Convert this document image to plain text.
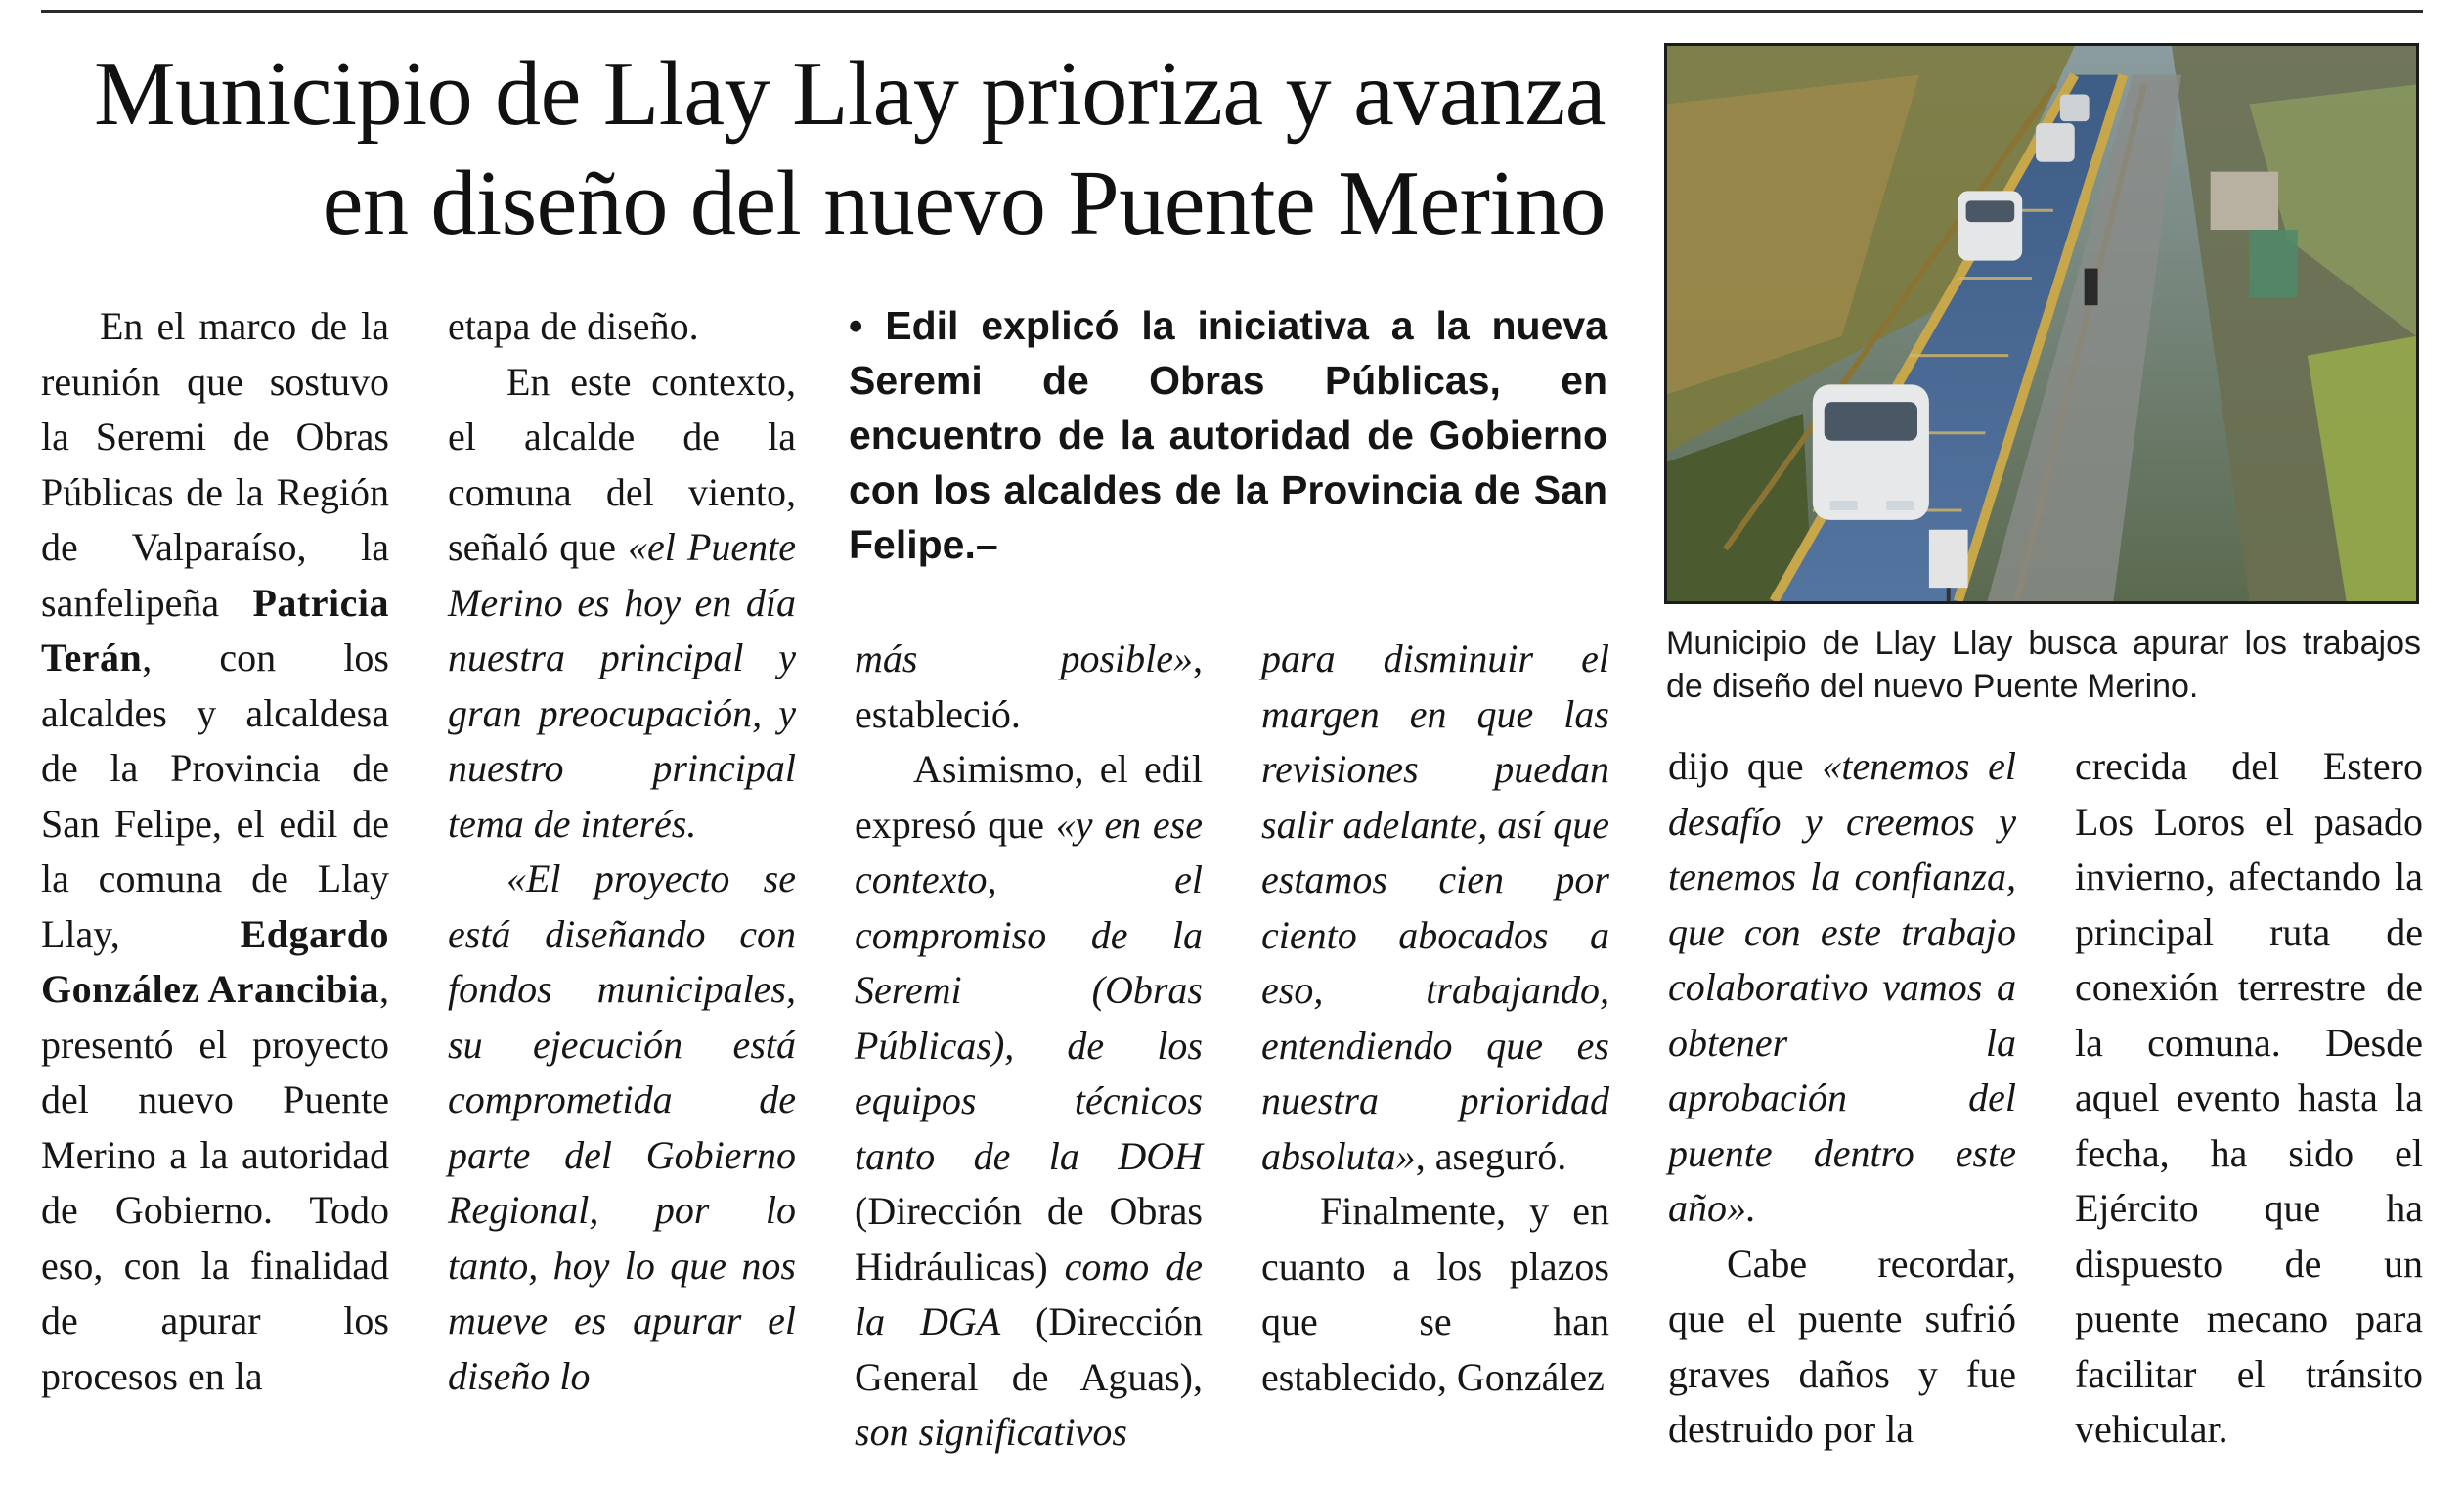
Municipio de Llay Llay prioriza y avanza
en diseño del nuevo Puente Merino

En el marco de la reunión que sostuvo la Seremi de Obras Públicas de la Región de Valparaíso, la sanfelipeña Patricia Terán, con los alcaldes y alcaldesa de la Provincia de San Felipe, el edil de la comuna de Llay Llay, Edgardo González Arancibia, presentó el proyecto del nuevo Puente Merino a la autoridad de Gobierno. Todo eso, con la finalidad de apurar los procesos en la

etapa de diseño.

En este contexto, el alcalde de la comuna del viento, señaló que «el Puente Merino es hoy en día nuestra principal y gran preocupación, y nuestro principal tema de interés.

«El proyecto se está diseñando con fondos municipales, su ejecución está comprometida de parte del Gobierno Regional, por lo tanto, hoy lo que nos mueve es apurar el diseño lo

• Edil explicó la iniciativa a la nueva Seremi de Obras Públicas, en encuentro de la autoridad de Gobierno con los alcaldes de la Provincia de San Felipe.–

más posible», estableció.

Asimismo, el edil expresó que «y en ese contexto, el compromiso de la Seremi (Obras Públicas), de los equipos técnicos tanto de la DOH (Dirección de Obras Hidráulicas) como de la DGA (Dirección General de Aguas), son significativos

para disminuir el margen en que las revisiones puedan salir adelante, así que estamos cien por ciento abocados a eso, trabajando, entendiendo que es nuestra prioridad absoluta», aseguró.

Finalmente, y en cuanto a los plazos que se han establecido, González

Municipio de Llay Llay busca apurar los trabajos de diseño del nuevo Puente Merino.

dijo que «tenemos el desafío y creemos y tenemos la confianza, que con este trabajo colaborativo vamos a obtener la aprobación del puente dentro este año».

Cabe recordar, que el puente sufrió graves daños y fue destruido por la

crecida del Estero Los Loros el pasado invierno, afectando la principal ruta de conexión terrestre de la comuna. Desde aquel evento hasta la fecha, ha sido el Ejército que ha dispuesto de un puente mecano para facilitar el tránsito vehicular.
